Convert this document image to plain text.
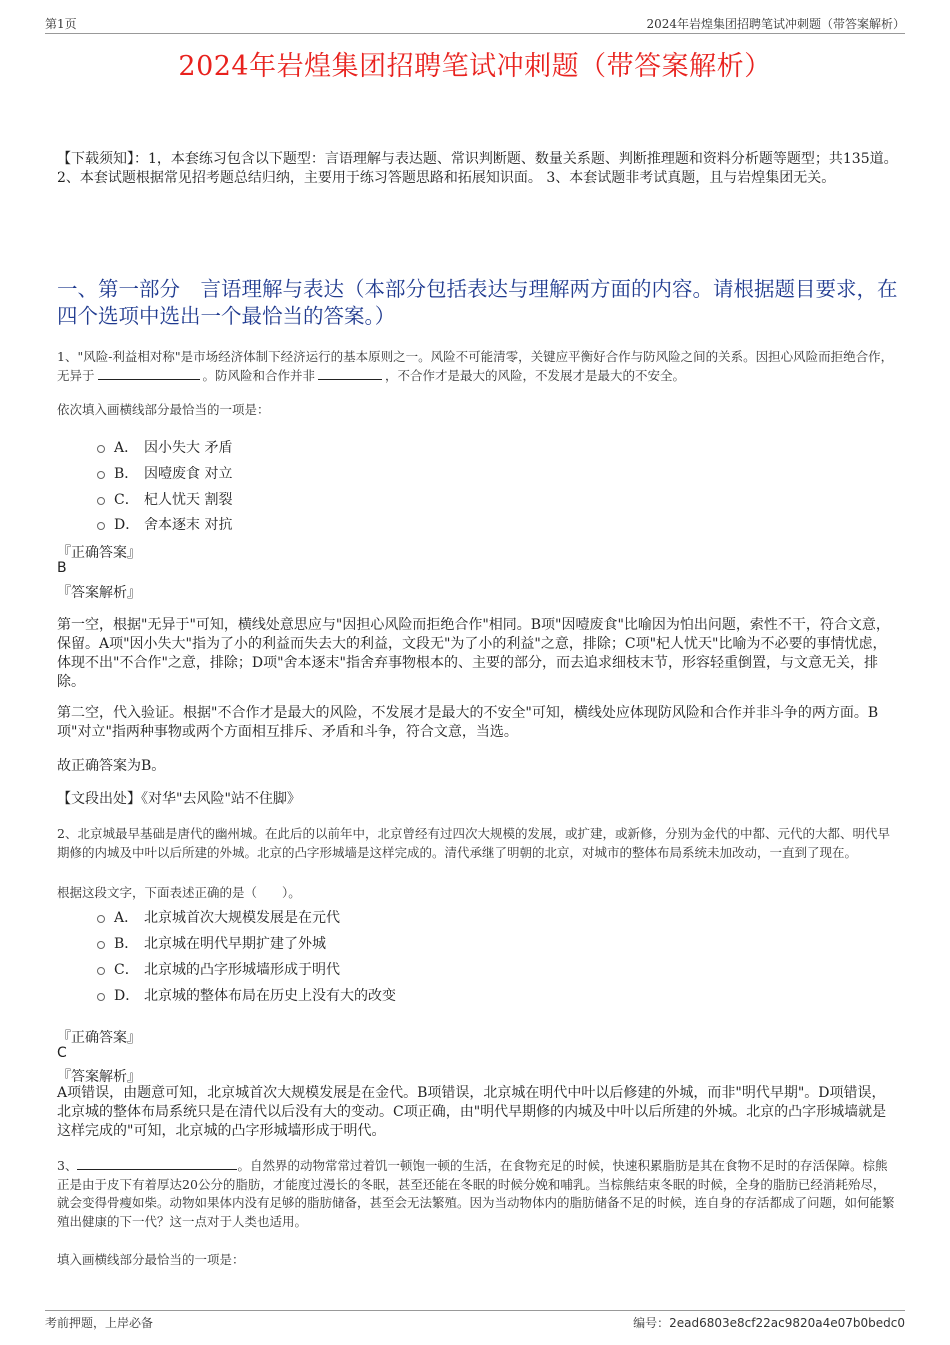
第1页	2024年岩煌集团招聘笔试冲刺题（带答案解析）
2024年岩煌集团招聘笔试冲刺题（带答案解析）
【下载须知】：1，本套练习包含以下题型：言语理解与表达题、常识判断题、数量关系题、判断推理题和资料分析题等题型；共135道。 2、本套试题根据常见招考题总结归纳，主要用于练习答题思路和拓展知识面。 3、本套试题非考试真题，且与岩煌集团无关。
一、第一部分　言语理解与表达（本部分包括表达与理解两方面的内容。请根据题目要求，在四个选项中选出一个最恰当的答案。）
1、"风险-利益相对称"是市场经济体制下经济运行的基本原则之一。风险不可能清零，关键应平衡好合作与防风险之间的关系。因担心风险而拒绝合作，无异于	。防风险和合作并非	，不合作才是最大的风险，不发展才是最大的不安全。
依次填入画横线部分最恰当的一项是：
A． 因小失大 矛盾
B． 因噎废食 对立
C． 杞人忧天 割裂
D． 舍本逐末 对抗
『正确答案』
B
『答案解析』
第一空，根据"无异于"可知，横线处意思应与"因担心风险而拒绝合作"相同。B项"因噎废食"比喻因为怕出问题，索性不干，符合文意，保留。A项"因小失大"指为了小的利益而失去大的利益，文段无"为了小的利益"之意，排除；C项"杞人忧天"比喻为不必要的事情忧虑，体现不出"不合作"之意，排除；D项"舍本逐末"指舍弃事物根本的、主要的部分，而去追求细枝末节，形容轻重倒置，与文意无关，排除。
第二空，代入验证。根据"不合作才是最大的风险，不发展才是最大的不安全"可知，横线处应体现防风险和合作并非斗争的两方面。B项"对立"指两种事物或两个方面相互排斥、矛盾和斗争，符合文意，当选。
故正确答案为B。
【文段出处】《对华"去风险"站不住脚》
2、北京城最早基础是唐代的幽州城。在此后的以前年中，北京曾经有过四次大规模的发展，或扩建，或新修，分别为金代的中都、元代的大都、明代早期修的内城及中叶以后所建的外城。北京的凸字形城墙是这样完成的。清代承继了明朝的北京，对城市的整体布局系统未加改动，一直到了现在。
根据这段文字，下面表述正确的是（　　）。
A． 北京城首次大规模发展是在元代
B． 北京城在明代早期扩建了外城
C． 北京城的凸字形城墙形成于明代
D． 北京城的整体布局在历史上没有大的改变
『正确答案』
C
『答案解析』
A项错误，由题意可知，北京城首次大规模发展是在金代。B项错误，北京城在明代中叶以后修建的外城，而非"明代早期"。D项错误，北京城的整体布局系统只是在清代以后没有大的变动。C项正确，由"明代早期修的内城及中叶以后所建的外城。北京的凸字形城墙就是这样完成的"可知，北京城的凸字形城墙形成于明代。
3、	。自然界的动物常常过着饥一顿饱一顿的生活，在食物充足的时候，快速积累脂肪是其在食物不足时的存活保障。棕熊正是由于皮下有着厚达20公分的脂肪，才能度过漫长的冬眠，甚至还能在冬眠的时候分娩和哺乳。当棕熊结束冬眠的时候，全身的脂肪已经消耗殆尽，就会变得骨瘦如柴。动物如果体内没有足够的脂肪储备，甚至会无法繁殖。因为当动物体内的脂肪储备不足的时候，连自身的存活都成了问题，如何能繁殖出健康的下一代？这一点对于人类也适用。
填入画横线部分最恰当的一项是：
考前押题，上岸必备	编号：2ead6803e8cf22ac9820a4e07b0bedc0
